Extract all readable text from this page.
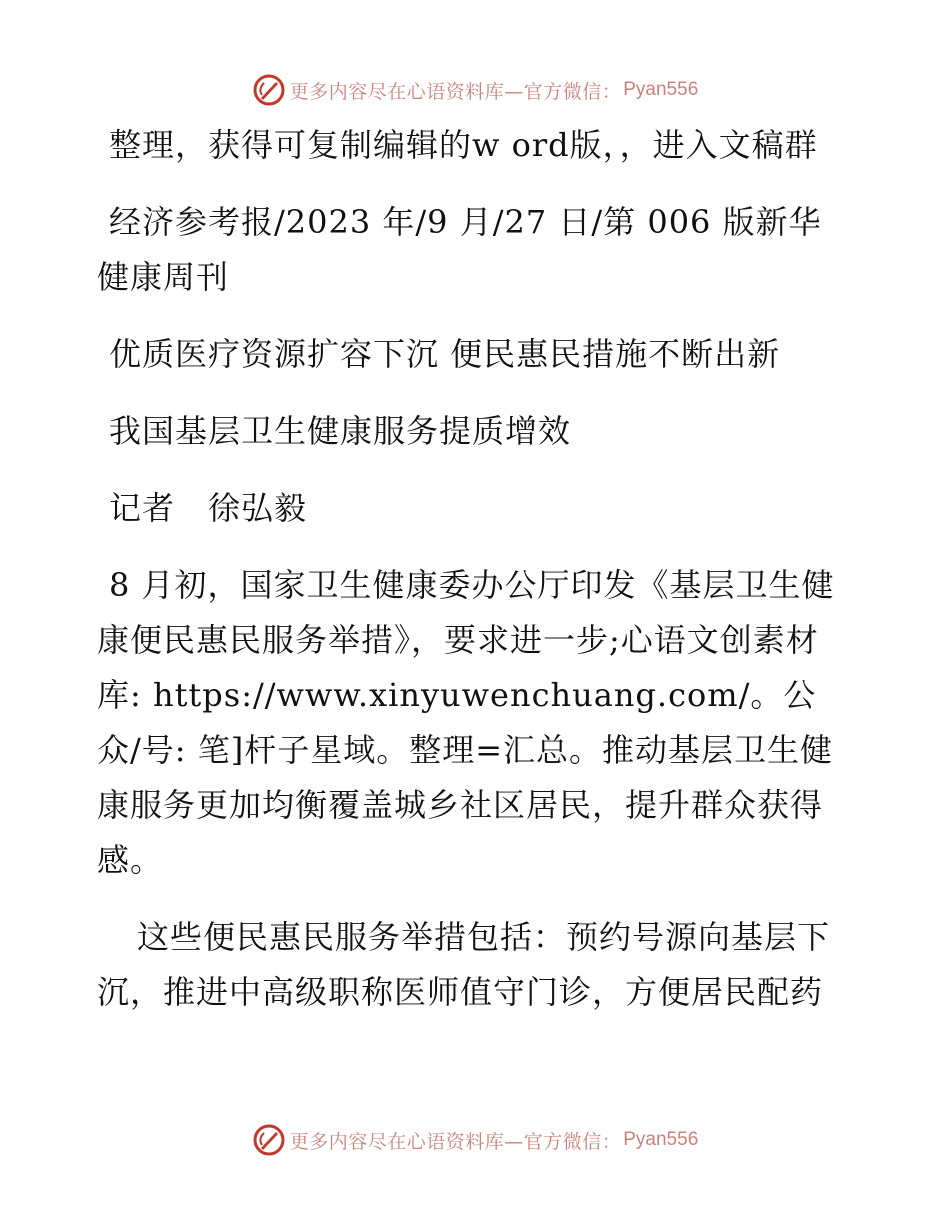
更多内容尽在心语资料库—官方微信： Pyan556

整理，获得可复制编辑的w ord版，，进入文稿群

经济参考报/2023 年/9 月/27 日/第 006 版新华健康周刊

优质医疗资源扩容下沉 便民惠民措施不断出新

我国基层卫生健康服务提质增效

记者　徐弘毅

8 月初，国家卫生健康委办公厅印发《基层卫生健康便民惠民服务举措》，要求进一步;心语文创素材库: https://www.xinyuwenchuang.com/。公众/号: 笔]杆子星域。整理=汇总。推动基层卫生健康服务更加均衡覆盖城乡社区居民，提升群众获得感。

这些便民惠民服务举措包括：预约号源向基层下沉，推进中高级职称医师值守门诊，方便居民配药

更多内容尽在心语资料库—官方微信： Pyan556
